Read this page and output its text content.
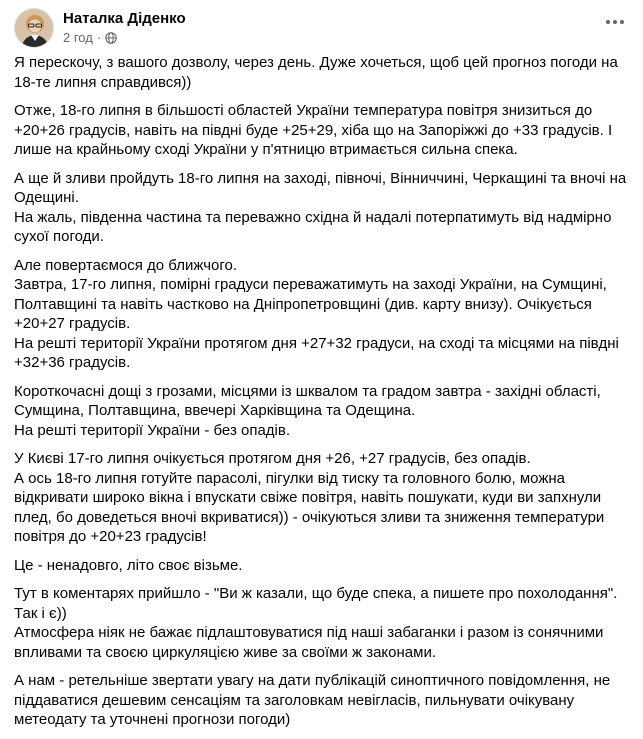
Наталка Діденко
2 год ·

Я перескочу, з вашого дозволу, через день. Дуже хочеться, щоб цей прогноз погоди на 18-те липня справдився))

Отже, 18-го липня в більшості областей України температура повітря знизиться до +20+26 градусів, навіть на півдні буде +25+29, хіба що на Запоріжжі до +33 градусів. І лише на крайньому сході України у п'ятницю втримається сильна спека.

А ще й зливи пройдуть 18-го липня на заході, півночі, Вінниччині, Черкащині та вночі на Одещині.
На жаль, південна частина та переважно східна й надалі потерпатимуть від надмірно сухої погоди.

Але повертаємося до ближчого.
Завтра, 17-го липня, помірні градуси переважатимуть на заході України, на Сумщині, Полтавщині та навіть частково на Дніпропетровщині (див. карту внизу). Очікується +20+27 градусів.
На решті території України протягом дня +27+32 градуси, на сході та місцями на півдні +32+36 градусів.

Короткочасні дощі з грозами, місцями із шквалом та градом завтра - західні області, Сумщина, Полтавщина, ввечері Харківщина та Одещина.
На решті території України - без опадів.

У Києві 17-го липня очікується протягом дня +26, +27 градусів, без опадів.
А ось 18-го липня готуйте парасолі, пігулки від тиску та головного болю, можна відкривати широко вікна і впускати свіже повітря, навіть пошукати, куди ви запхнули плед, бо доведеться вночі вкриватися)) - очікуються зливи та зниження температури повітря до +20+23 градусів!

Це - ненадовго, літо своє візьме.

Тут в коментарях прийшло - "Ви ж казали, що буде спека, а пишете про похолодання". Так і є))
Атмосфера ніяк не бажає підлаштовуватися під наші забаганки і разом із сонячними впливами та своєю циркуляцією живе за своїми ж законами.

А нам - ретельніше звертати увагу на дати публікацій синоптичного повідомлення, не піддаватися дешевим сенсаціям та заголовкам невігласів, пильнувати очікувану метеодату та уточнені прогнози погоди)
